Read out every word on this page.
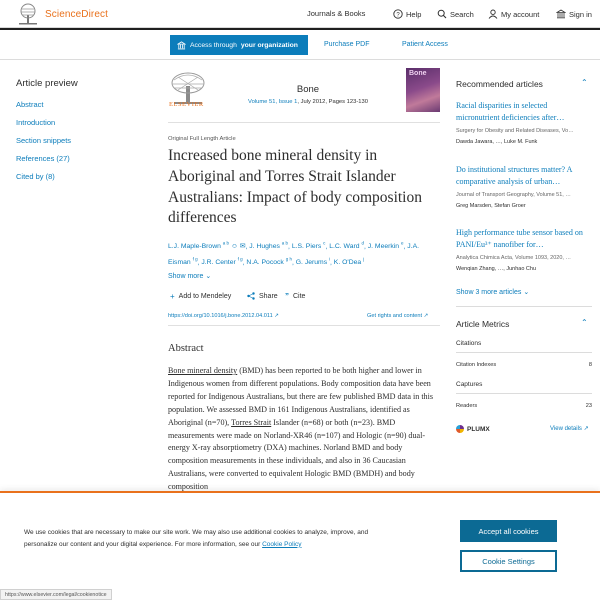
ScienceDirect	Journals & Books	? Help	Search	My account	Sign in
Access through your organization	Purchase PDF	Patient Access
Article preview
Abstract
Introduction
Section snippets
References (27)
Cited by (8)
ELSEVIER
Bone
Volume 51, Issue 1, July 2012, Pages 123-130
Bone
Original Full Length Article
Increased bone mineral density in Aboriginal and Torres Strait Islander Australians: Impact of body composition differences
L.J. Maple-Brown $^{a b}$ ☺ ✉, J. Hughes $^{a b}$, L.S. Piers $^c$, L.C. Ward $^d$, J. Meerkin $^e$, J.A. Eisman $^{f g}$, J.R. Center $^{f g}$, N.A. Pocock $^{g h}$, G. Jerums $^i$, K. O'Dea $^j$
Show more ⌄
+ Add to Mendeley	Share ” Cite
https://doi.org/10.1016/j.bone.2012.04.011 ↗	Get rights and content ↗
Abstract
Bone mineral density (BMD) has been reported to be both higher and lower in Indigenous women from different populations. Body composition data have been reported for Indigenous Australians, but there are few published BMD data in this population. We assessed BMD in 161 Indigenous Australians, identified as Aboriginal (n=70), Torres Strait Islander (n=68) or both (n=23). BMD measurements were made on Norland-XR46 (n=107) and Hologic (n=90) dual-energy X-ray absorptiometry (DXA) machines. Norland BMD and body composition measurements in these individuals, and also in 36 Caucasian Australians, were converted to equivalent Hologic BMD (BMDH) and body composition
Recommended articles	⌃
Racial disparities in selected micronutrient deficiencies after…
Surgery for Obesity and Related Diseases, Vo…
Dawda Jawara, …, Luke M. Funk
Do institutional structures matter? A comparative analysis of urban…
Journal of Transport Geography, Volume 51, …
Greg Marsden, Stefan Groer
High performance tube sensor based on PANI/Eu³⁺ nanofiber for…
Analytica Chimica Acta, Volume 1093, 2020, …
Wenqian Zhang, …, Junhao Chu
Show 3 more articles ⌄
Article Metrics	⌃
Citations
Citation Indexes	8
Captures
Readers	23
PLUMX	View details ↗
We use cookies that are necessary to make our site work. We may also use additional cookies to analyze, improve, and personalize our content and your digital experience. For more information, see our Cookie Policy
Accept all cookies
Cookie Settings
https://www.elsevier.com/legal/cookienotice
